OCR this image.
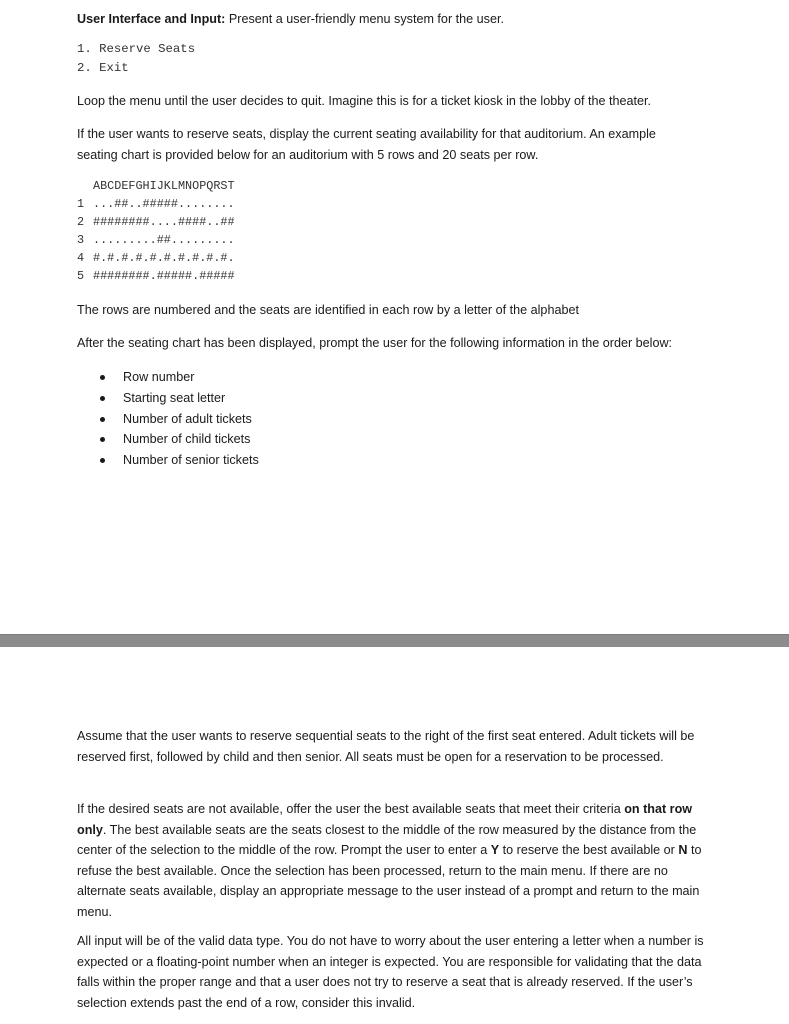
User Interface and Input: Present a user-friendly menu system for the user.

1. Reserve Seats
2. Exit

Loop the menu until the user decides to quit. Imagine this is for a ticket kiosk in the lobby of the theater.

If the user wants to reserve seats, display the current seating availability for that auditorium. An example seating chart is provided below for an auditorium with 5 rows and 20 seats per row.

ABCDEFGHIJKLMNOPQRST
1 ...##..#####........
2 ########....####..##
3 .........##.........
4 #.#.#.#.#.#.#.#.#.#.
5 ########.#####.#####

The rows are numbered and the seats are identified in each row by a letter of the alphabet

After the seating chart has been displayed, prompt the user for the following information in the order below:

Row number
Starting seat letter
Number of adult tickets
Number of child tickets
Number of senior tickets

Assume that the user wants to reserve sequential seats to the right of the first seat entered. Adult tickets will be reserved first, followed by child and then senior. All seats must be open for a reservation to be processed.

If the desired seats are not available, offer the user the best available seats that meet their criteria on that row only. The best available seats are the seats closest to the middle of the row measured by the distance from the center of the selection to the middle of the row. Prompt the user to enter a Y to reserve the best available or N to refuse the best available. Once the selection has been processed, return to the main menu. If there are no alternate seats available, display an appropriate message to the user instead of a prompt and return to the main menu.

All input will be of the valid data type. You do not have to worry about the user entering a letter when a number is expected or a floating-point number when an integer is expected. You are responsible for validating that the data falls within the proper range and that a user does not try to reserve a seat that is already reserved. If the user’s selection extends past the end of a row, consider this invalid.
